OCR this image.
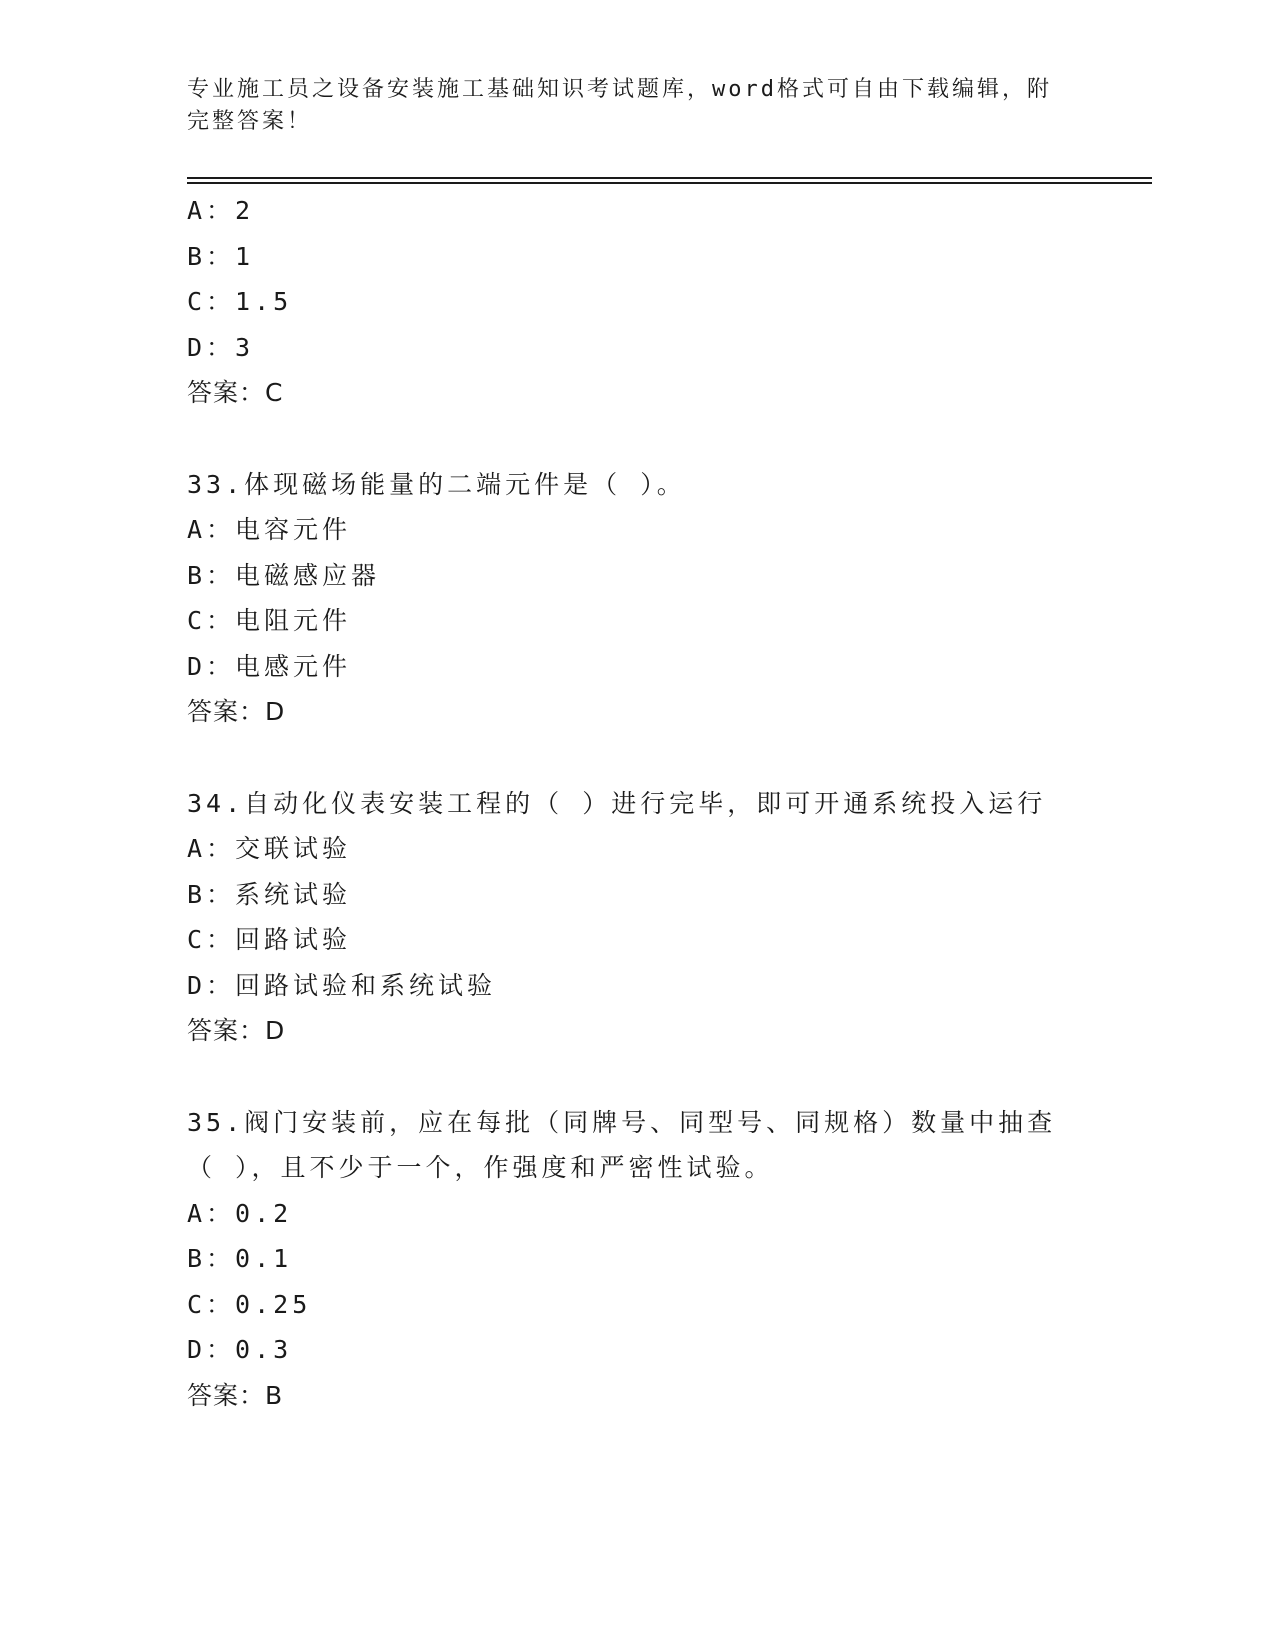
专业施工员之设备安装施工基础知识考试题库，word格式可自由下载编辑，附完整答案！
A：2
B：1
C：1.5
D：3
答案：C
33.体现磁场能量的二端元件是（ ）。
A：电容元件
B：电磁感应器
C：电阻元件
D：电感元件
答案：D
34.自动化仪表安装工程的（ ）进行完毕，即可开通系统投入运行
A：交联试验
B：系统试验
C：回路试验
D：回路试验和系统试验
答案：D
35.阀门安装前，应在每批（同牌号、同型号、同规格）数量中抽查（ ），且不少于一个，作强度和严密性试验。
A：0.2
B：0.1
C：0.25
D：0.3
答案：B
